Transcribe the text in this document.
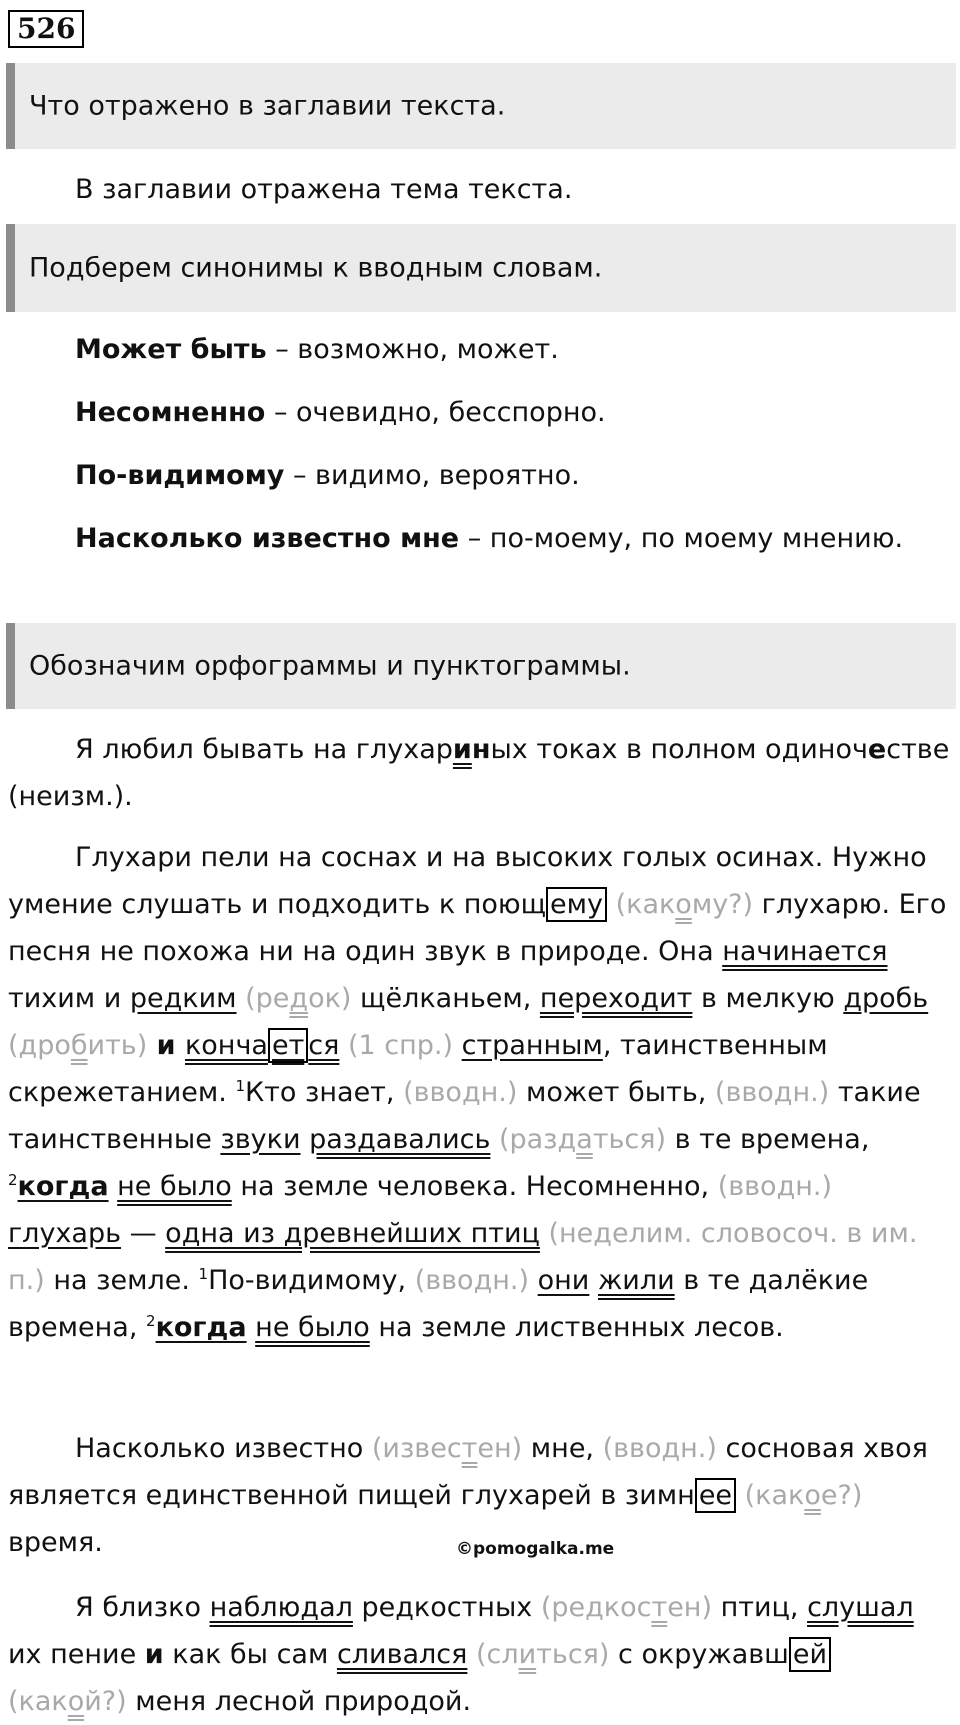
526
Что отражено в заглавии текста.
В заглавии отражена тема текста.
Подберем синонимы к вводным словам.
Может быть – возможно, может.
Несомненно – очевидно, бесспорно.
По-видимому – видимо, вероятно.
Насколько известно мне – по-моему, по моему мнению.
Обозначим орфограммы и пунктограммы.
Я любил бывать на глухариных токах в полном одиночестве (неизм.).
Глухари пели на соснах и на высоких голых осинах. Нужно умение слушать и подходить к поющ ему (какому?) глухарю. Его песня не похожа ни на один звук в природе. Она начинается тихим и редким (редок) щёлканьем, переходит в мелкую дробь (дробить) и конча ет ся (1 спр.) странным, таинственным скрежетанием. $^1$Кто знает, (вводн.) может быть, (вводн.) такие таинственные звуки раздавались (раздаться) в те времена, $^2$когда не было на земле человека. Несомненно, (вводн.) глухарь — одна из древнейших птиц (неделим. словосоч. в им. п.) на земле. $^1$По-видимому, (вводн.) они жили в те далёкие времена, $^2$когда не было на земле лиственных лесов.
Насколько известно (известен) мне, (вводн.) сосновая хвоя является единственной пищей глухарей в зимн ее (какое?) время.	©pomogalka.me
Я близко наблюдал редкостных (редкостен) птиц, слушал их пение и как бы сам сливался (слиться) с окружавш ей (какой?) меня лесной природой.
